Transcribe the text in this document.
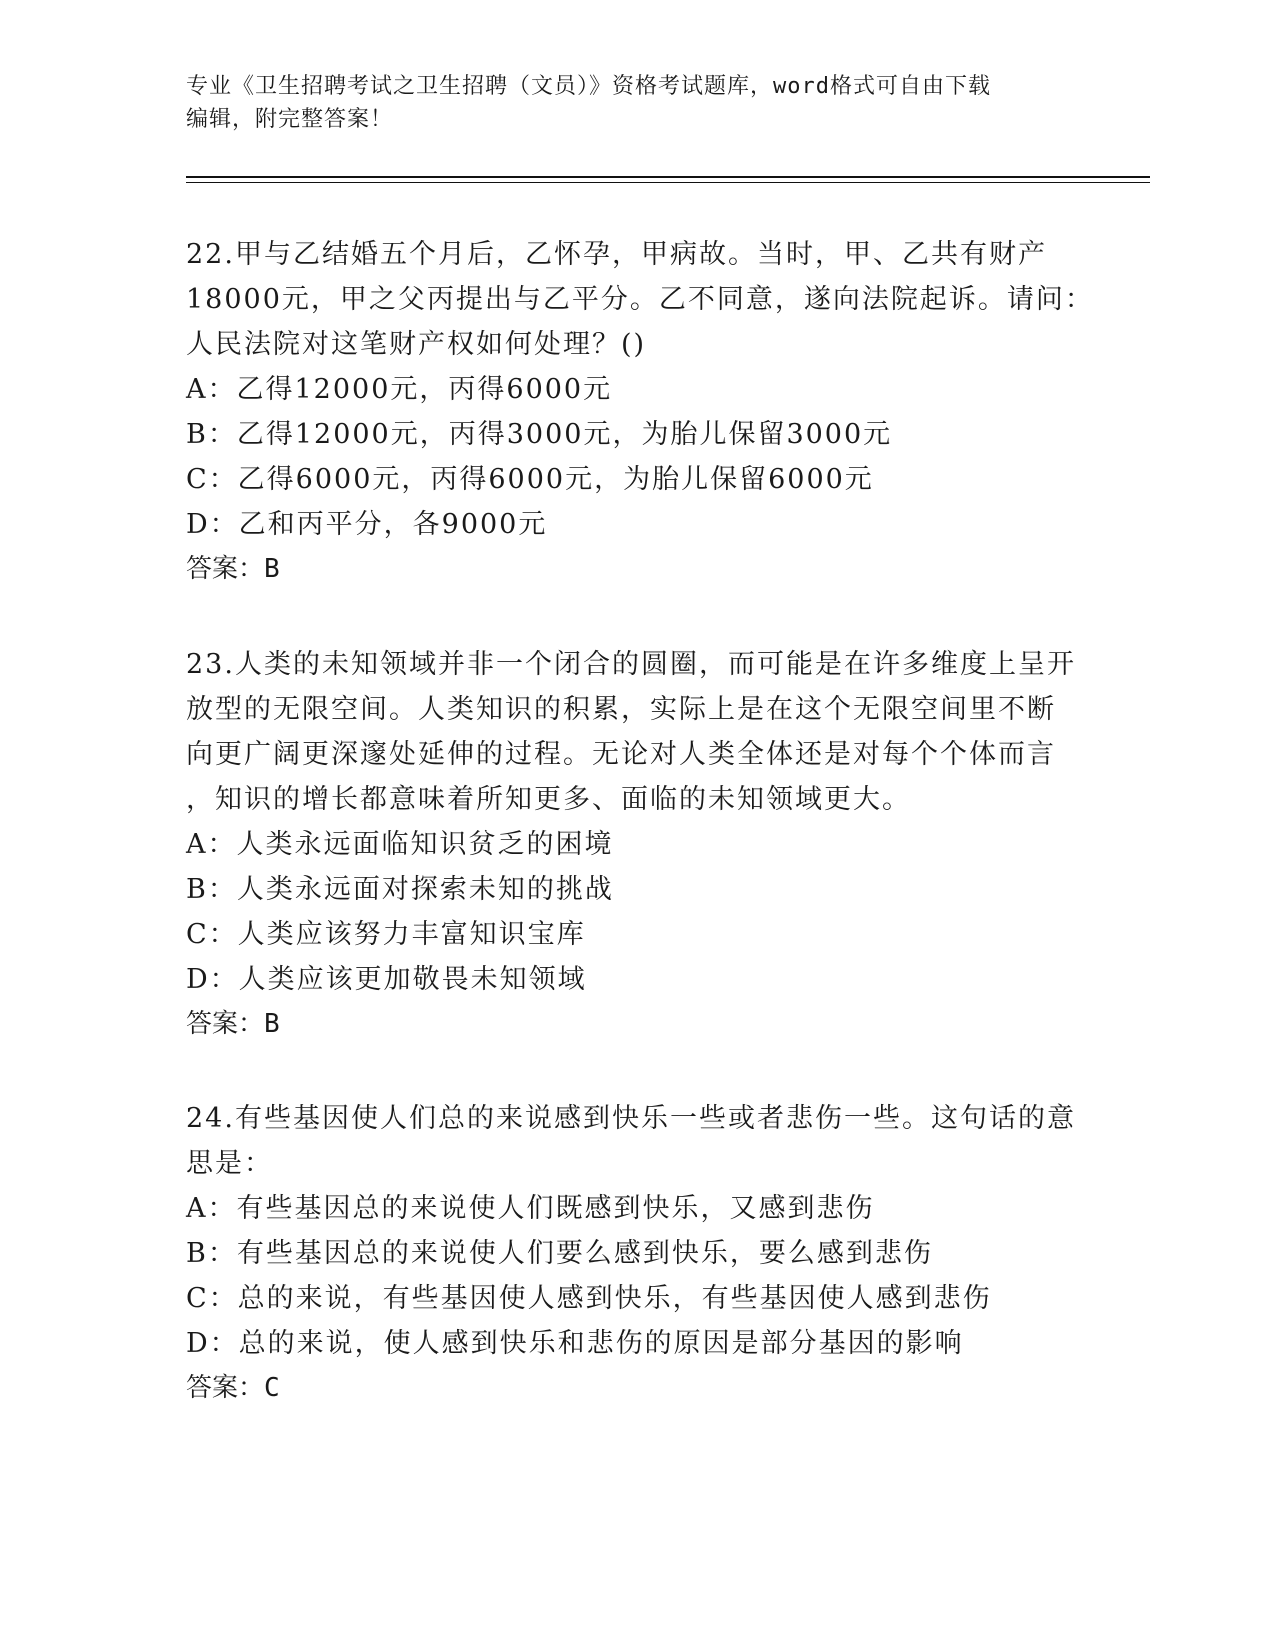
专业《卫生招聘考试之卫生招聘（文员）》资格考试题库，word格式可自由下载
编辑，附完整答案！
22.甲与乙结婚五个月后，乙怀孕，甲病故。当时，甲、乙共有财产
18000元，甲之父丙提出与乙平分。乙不同意，遂向法院起诉。请问：
人民法院对这笔财产权如何处理？()
A：乙得12000元，丙得6000元
B：乙得12000元，丙得3000元，为胎儿保留3000元
C：乙得6000元，丙得6000元，为胎儿保留6000元
D：乙和丙平分，各9000元
答案：B
23.人类的未知领域并非一个闭合的圆圈，而可能是在许多维度上呈开
放型的无限空间。人类知识的积累，实际上是在这个无限空间里不断
向更广阔更深邃处延伸的过程。无论对人类全体还是对每个个体而言
，知识的增长都意味着所知更多、面临的未知领域更大。
A：人类永远面临知识贫乏的困境
B：人类永远面对探索未知的挑战
C：人类应该努力丰富知识宝库
D：人类应该更加敬畏未知领域
答案：B
24.有些基因使人们总的来说感到快乐一些或者悲伤一些。这句话的意
思是：
A：有些基因总的来说使人们既感到快乐，又感到悲伤
B：有些基因总的来说使人们要么感到快乐，要么感到悲伤
C：总的来说，有些基因使人感到快乐，有些基因使人感到悲伤
D：总的来说，使人感到快乐和悲伤的原因是部分基因的影响
答案：C
